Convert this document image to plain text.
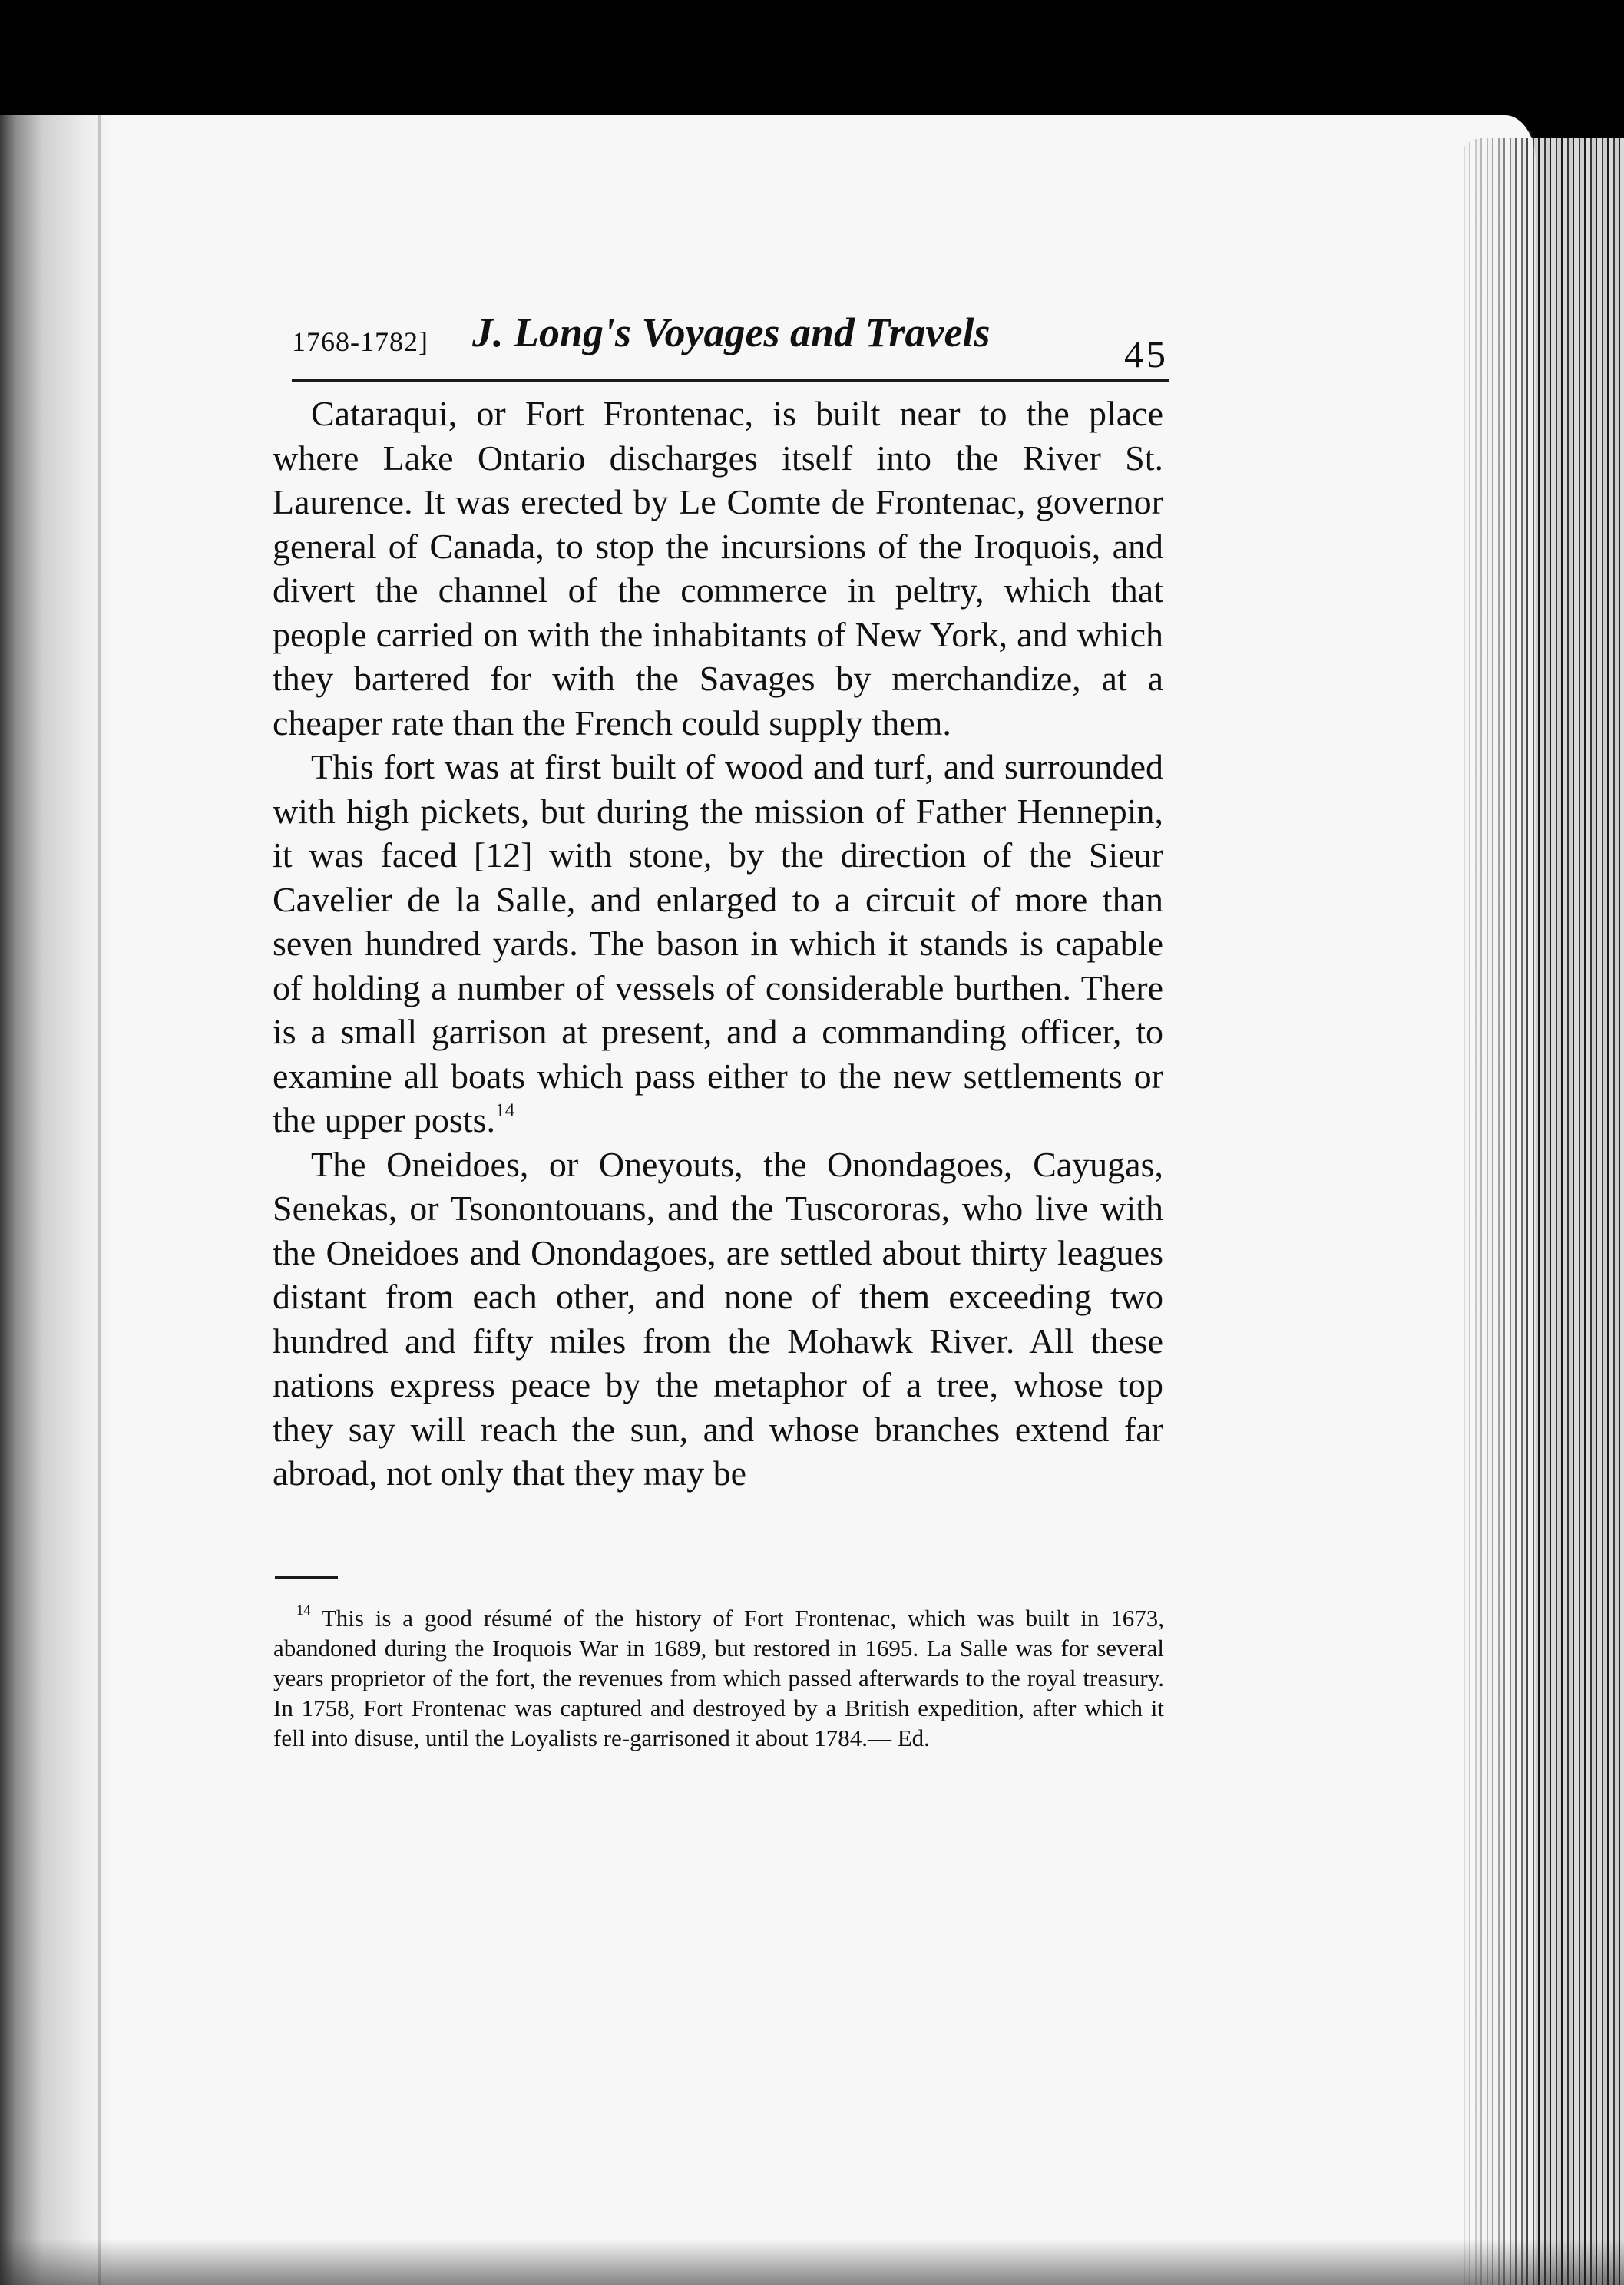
1768-1782] J. Long's Voyages and Travels	45

Cataraqui, or Fort Frontenac, is built near to the place where Lake Ontario discharges itself into the River St. Laurence. It was erected by Le Comte de Frontenac, governor general of Canada, to stop the incursions of the Iroquois, and divert the channel of the commerce in peltry, which that people carried on with the inhabitants of New York, and which they bartered for with the Savages by merchandize, at a cheaper rate than the French could supply them.

This fort was at first built of wood and turf, and surrounded with high pickets, but during the mission of Father Hennepin, it was faced [12] with stone, by the direction of the Sieur Cavelier de la Salle, and enlarged to a circuit of more than seven hundred yards. The bason in which it stands is capable of holding a number of vessels of considerable burthen. There is a small garrison at present, and a commanding officer, to examine all boats which pass either to the new settlements or the upper posts.$^{14}$

The Oneidoes, or Oneyouts, the Onondagoes, Cayugas, Senekas, or Tsonontouans, and the Tuscororas, who live with the Oneidoes and Onondagoes, are settled about thirty leagues distant from each other, and none of them exceeding two hundred and fifty miles from the Mohawk River. All these nations express peace by the metaphor of a tree, whose top they say will reach the sun, and whose branches extend far abroad, not only that they may be

$^{14}$ This is a good résumé of the history of Fort Frontenac, which was built in 1673, abandoned during the Iroquois War in 1689, but restored in 1695. La Salle was for several years proprietor of the fort, the revenues from which passed afterwards to the royal treasury. In 1758, Fort Frontenac was captured and destroyed by a British expedition, after which it fell into disuse, until the Loyalists re-garrisoned it about 1784.— Ed.
